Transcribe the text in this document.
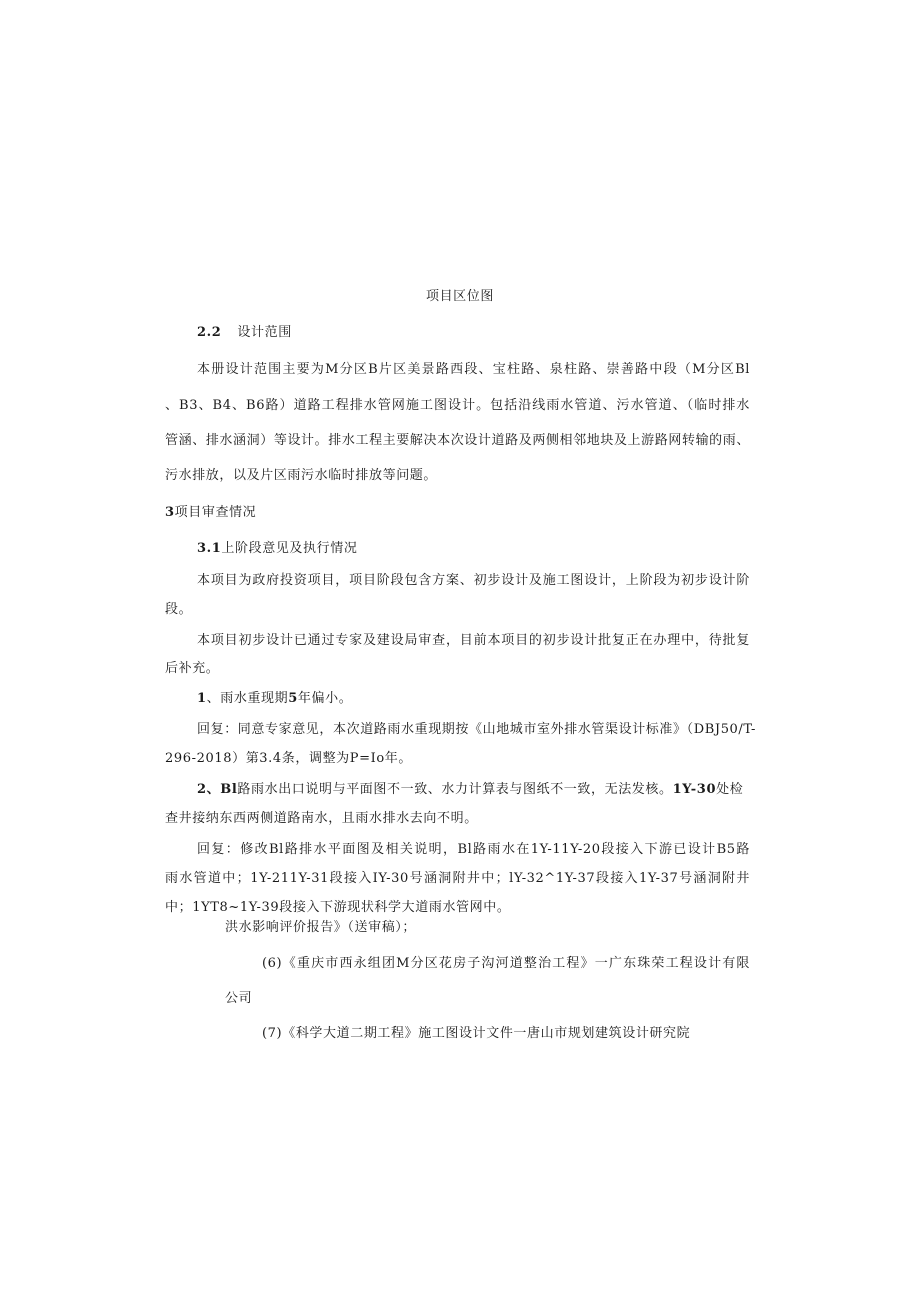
项目区位图
2.2 设计范围
本册设计范围主要为M分区B片区美景路西段、宝柱路、泉柱路、崇善路中段（M分区Bl
、B3、B4、B6路）道路工程排水管网施工图设计。包括沿线雨水管道、污水管道、（临时排水
管涵、排水涵洞）等设计。排水工程主要解决本次设计道路及两侧相邻地块及上游路网转输的雨、
污水排放，以及片区雨污水临时排放等问题。
3项目审查情况
3.1上阶段意见及执行情况
本项目为政府投资项目，项目阶段包含方案、初步设计及施工图设计，上阶段为初步设计阶
段。
本项目初步设计已通过专家及建设局审查，目前本项目的初步设计批复正在办理中，待批复
后补充。
1、雨水重现期5年偏小。
回复：同意专家意见，本次道路雨水重现期按《山地城市室外排水管渠设计标准》（DBJ50/T-
296-2018）第3.4条，调整为P=Io年。
2、Bl路雨水出口说明与平面图不一致、水力计算表与图纸不一致，无法发核。1Y-30处检
查井接纳东西两侧道路南水，且雨水排水去向不明。
回复：修改Bl路排水平面图及相关说明，Bl路雨水在1Y-11Y-20段接入下游已设计B5路
雨水管道中；1Y-211Y-31段接入IY-30号涵洞附井中；lY-32^1Y-37段接入1Y-37号涵洞附井
中；1YT8~1Y-39段接入下游现状科学大道雨水管网中。
洪水影响评价报告》（送审稿）；
(6)《重庆市西永组团M分区花房子沟河道整治工程》一广东珠荣工程设计有限
公司
(7)《科学大道二期工程》施工图设计文件一唐山市规划建筑设计研究院
